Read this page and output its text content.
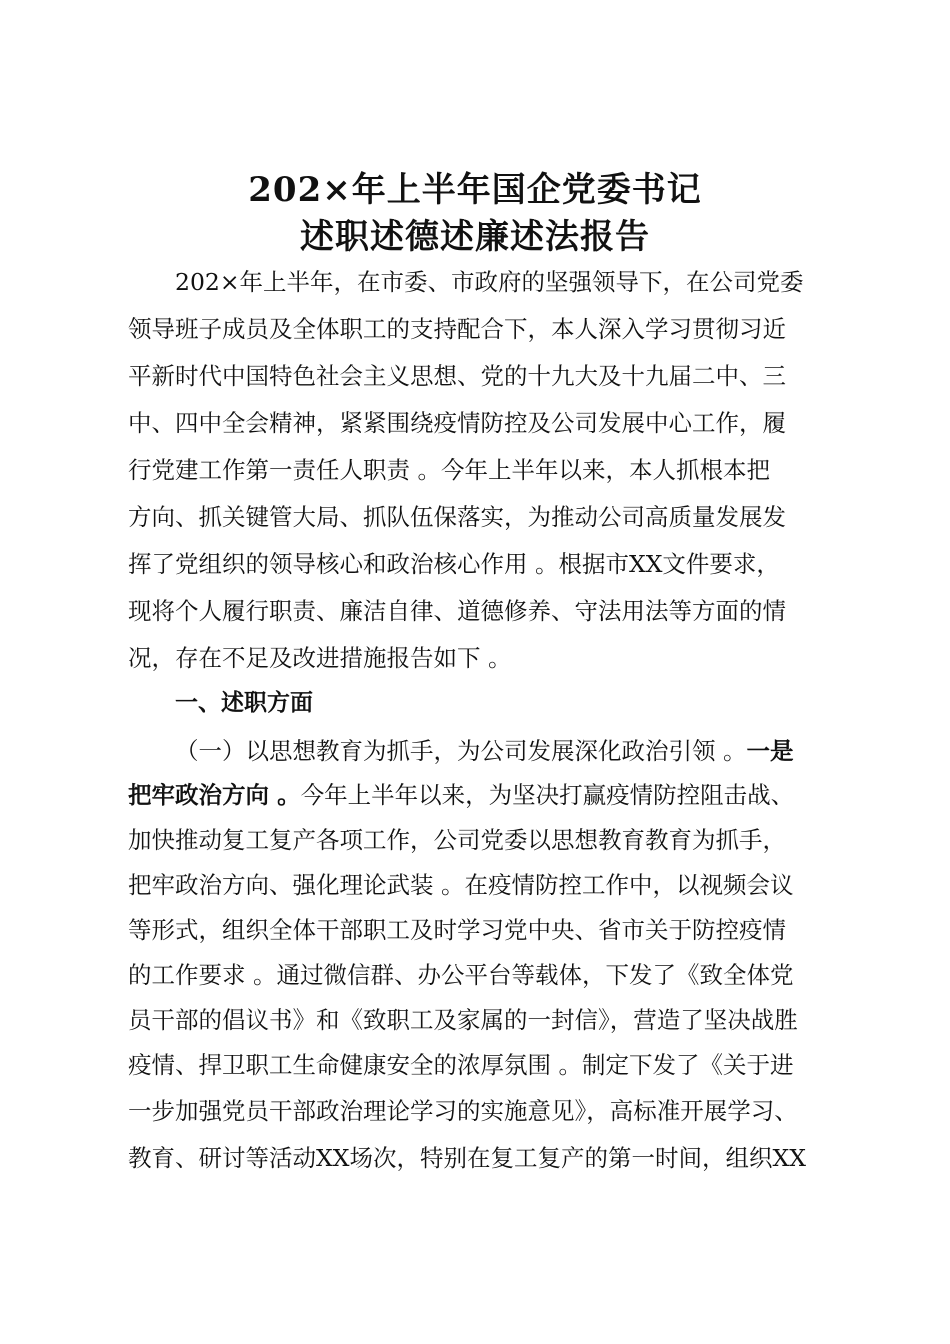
202×年上半年国企党委书记
述职述德述廉述法报告
202×年上半年，在市委、市政府的坚强领导下，在公司党委
领导班子成员及全体职工的支持配合下，本人深入学习贯彻习近
平新时代中国特色社会主义思想、党的十九大及十九届二中、三
中、四中全会精神，紧紧围绕疫情防控及公司发展中心工作，履
行党建工作第一责任人职责 。今年上半年以来，本人抓根本把
方向、抓关键管大局、抓队伍保落实，为推动公司高质量发展发
挥了党组织的领导核心和政治核心作用 。根据市XX文件要求，
现将个人履行职责、廉洁自律、道德修养、守法用法等方面的情
况，存在不足及改进措施报告如下 。
一、述职方面
（一）以思想教育为抓手，为公司发展深化政治引领 。一是
把牢政治方向 。今年上半年以来，为坚决打赢疫情防控阻击战、
加快推动复工复产各项工作，公司党委以思想教育教育为抓手，
把牢政治方向、强化理论武装 。在疫情防控工作中，以视频会议
等形式，组织全体干部职工及时学习党中央、省市关于防控疫情
的工作要求 。通过微信群、办公平台等载体，下发了《致全体党
员干部的倡议书》和《致职工及家属的一封信》，营造了坚决战胜
疫情、捍卫职工生命健康安全的浓厚氛围 。制定下发了《关于进
一步加强党员干部政治理论学习的实施意见》，高标准开展学习、
教育、研讨等活动XX场次，特别在复工复产的第一时间，组织XX
